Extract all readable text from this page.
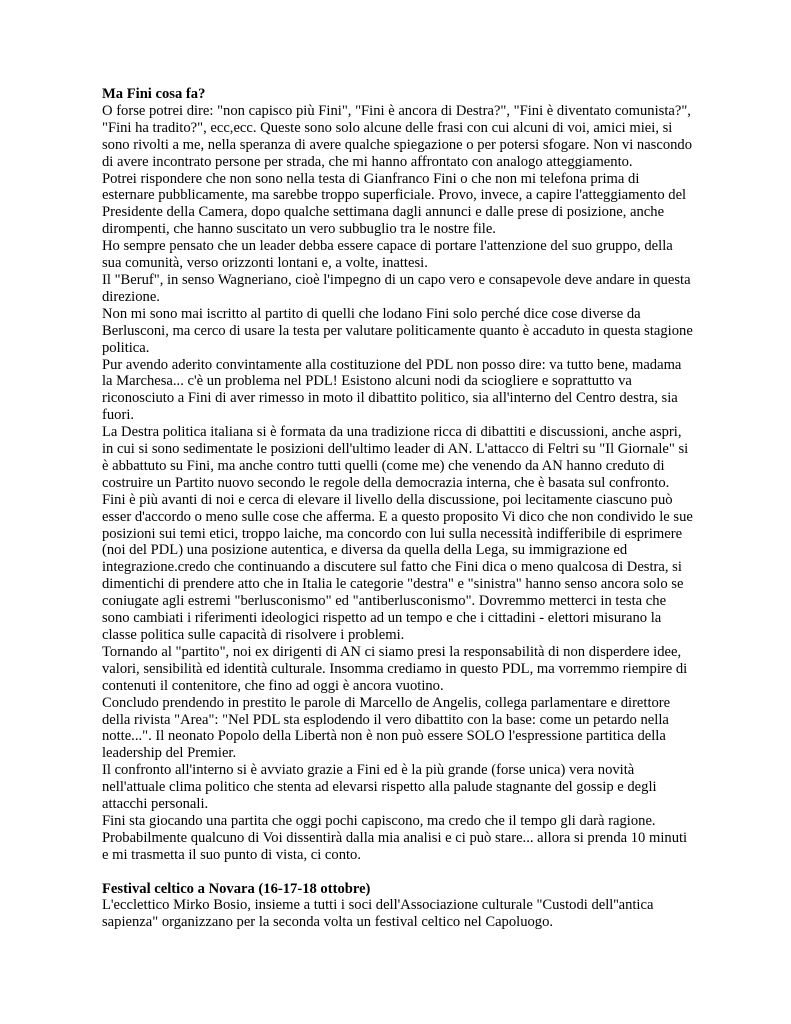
Ma Fini cosa fa?

O forse potrei dire: "non capisco più Fini", "Fini è ancora di Destra?", "Fini è diventato comunista?", "Fini ha tradito?", ecc,ecc. Queste sono solo alcune delle frasi con cui alcuni di voi, amici miei, si sono rivolti a me, nella speranza di avere qualche spiegazione o per potersi sfogare. Non vi nascondo di avere incontrato persone per strada, che mi hanno affrontato con analogo atteggiamento.

Potrei rispondere che non sono nella testa di Gianfranco Fini o che non mi telefona prima di esternare pubblicamente, ma sarebbe troppo superficiale. Provo, invece, a capire l'atteggiamento del Presidente della Camera, dopo qualche settimana dagli annunci e dalle prese di posizione, anche dirompenti, che hanno suscitato un vero subbuglio tra le nostre file.

Ho sempre pensato che un leader debba essere capace di portare l'attenzione del suo gruppo, della sua comunità, verso orizzonti lontani e, a volte, inattesi.

Il "Beruf", in senso Wagneriano, cioè l'impegno di un capo vero e consapevole deve andare in questa direzione.

Non mi sono mai iscritto al partito di quelli che lodano Fini solo perché dice cose diverse da Berlusconi, ma cerco di usare la testa per valutare politicamente quanto è accaduto in questa stagione politica.

Pur avendo aderito convintamente alla costituzione del PDL non posso dire: va tutto bene, madama la Marchesa... c'è un problema nel PDL! Esistono alcuni nodi da sciogliere e soprattutto va riconosciuto a Fini di aver rimesso in moto il dibattito politico, sia all'interno del Centro destra, sia fuori.

La Destra politica italiana si è formata da una tradizione ricca di dibattiti e discussioni, anche aspri, in cui si sono sedimentate le posizioni dell'ultimo leader di AN. L'attacco di Feltri su "Il Giornale" si è abbattuto su Fini, ma anche contro tutti quelli (come me) che venendo da AN hanno creduto di costruire un Partito nuovo secondo le regole della democrazia interna, che è basata sul confronto.

Fini è più avanti di noi e cerca di elevare il livello della discussione, poi lecitamente ciascuno può esser d'accordo o meno sulle cose che afferma. E a questo proposito Vi dico che non condivido le sue posizioni sui temi etici, troppo laiche, ma concordo con lui sulla necessità indifferibile di esprimere (noi del PDL) una posizione autentica, e diversa da quella della Lega, su immigrazione ed integrazione.credo che continuando a discutere sul fatto che Fini dica o meno qualcosa di Destra, si dimentichi di prendere atto che in Italia le categorie "destra" e "sinistra" hanno senso ancora solo se coniugate agli estremi "berlusconismo" ed "antiberlusconismo". Dovremmo metterci in testa che sono cambiati i riferimenti ideologici rispetto ad un tempo e che i cittadini - elettori misurano la classe politica sulle capacità di risolvere i problemi.

Tornando al "partito", noi ex dirigenti di AN ci siamo presi la responsabilità di non disperdere idee, valori, sensibilità ed identità culturale. Insomma crediamo in questo PDL, ma vorremmo riempire di contenuti il contenitore, che fino ad oggi è ancora vuotino.

Concludo prendendo in prestito le parole di Marcello de Angelis, collega parlamentare e direttore della rivista "Area": "Nel PDL sta esplodendo il vero dibattito con la base: come un petardo nella notte...". Il neonato Popolo della Libertà non è non può essere SOLO l'espressione partitica della leadership del Premier.

Il confronto all'interno si è avviato grazie a Fini ed è la più grande (forse unica) vera novità nell'attuale clima politico che stenta ad elevarsi rispetto alla palude stagnante del gossip e degli attacchi personali.

Fini sta giocando una partita che oggi pochi capiscono, ma credo che il tempo gli darà ragione. Probabilmente qualcuno di Voi dissentirà dalla mia analisi e ci può stare... allora si prenda 10 minuti e mi trasmetta il suo punto di vista, ci conto.

Festival celtico a Novara (16-17-18 ottobre)

L'ecclettico Mirko Bosio, insieme a tutti i soci dell'Associazione culturale "Custodi dell''antica sapienza" organizzano per la seconda volta un festival celtico nel Capoluogo.
